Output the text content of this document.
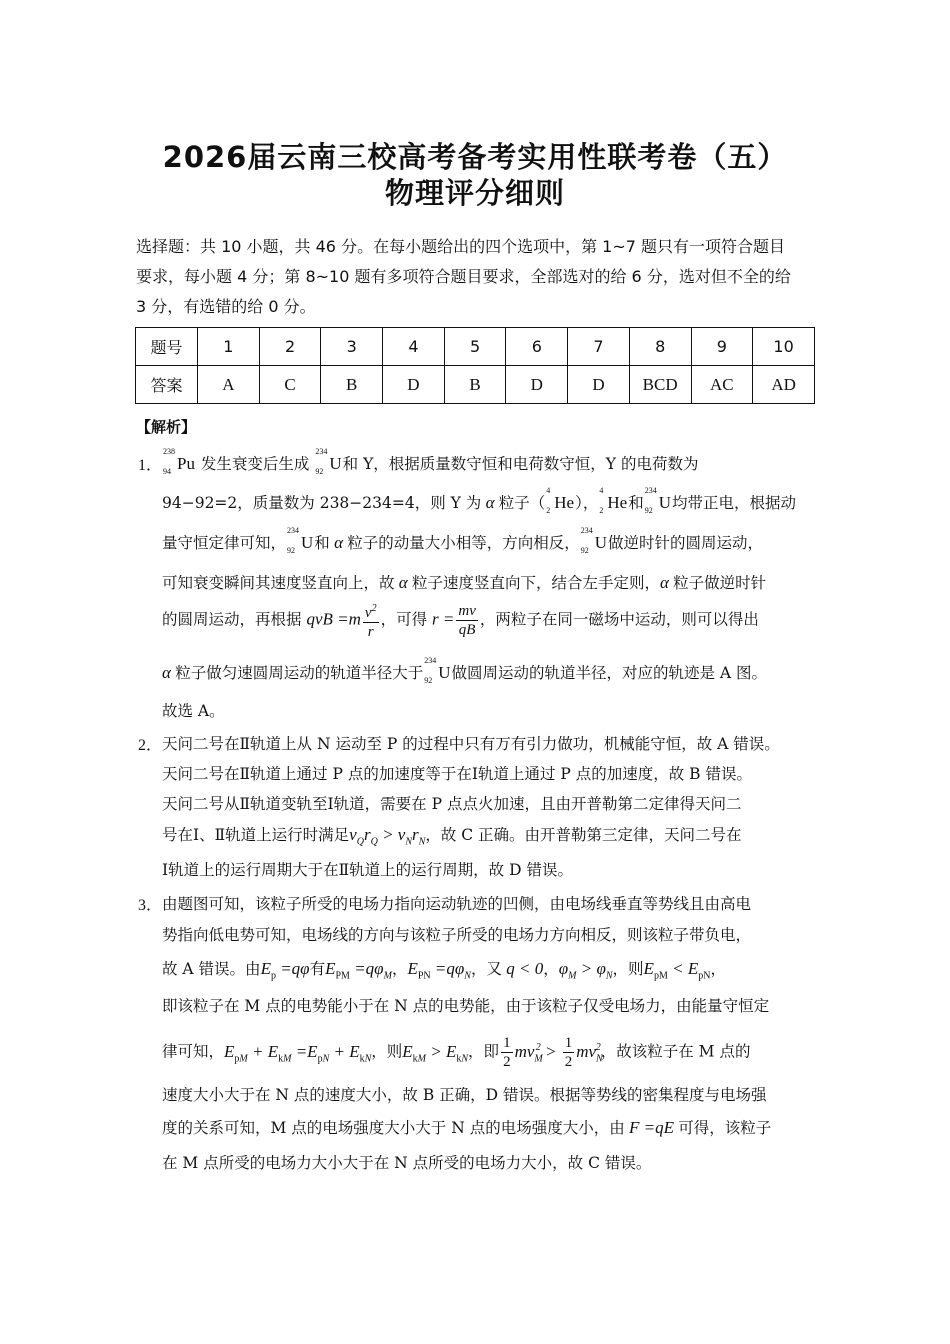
2026届云南三校高考备考实用性联考卷（五）
物理评分细则
选择题：共 10 小题，共 46 分。在每小题给出的四个选项中，第 1~7 题只有一项符合题目
要求，每小题 4 分；第 8~10 题有多项符合题目要求，全部选对的给 6 分，选对但不全的给
3 分，有选错的给 0 分。
题号	1	2	3	4	5	6	7	8	9	10
答案	A	C	B	D	B	D	D	BCD	AC	AD
【解析】
1．
238
94 Pu 发生衰变后生成
234
92 U和 Y，根据质量数守恒和电荷数守恒，Y 的电荷数为
94−92=2，质量数为 238−234=4，则 Y 为 α 粒子（
4
2 He），
4
2 He和
234
92 U均带正电，根据动
量守恒定律可知，
234
92 U和 α 粒子的动量大小相等，方向相反，
234
92 U做逆时针的圆周运动，
可知衰变瞬间其速度竖直向上，故 α 粒子速度竖直向下，结合左手定则，α 粒子做逆时针
的圆周运动，再根据 qvB $=m \frac{v^2}{r}$ ，可得 $r = \frac{mv}{qB}$ ，两粒子在同一磁场中运动，则可以得出
α 粒子做匀速圆周运动的轨道半径大于
234
92 U做圆周运动的轨道半径，对应的轨迹是 A 图。
故选 A。
2． 天问二号在Ⅱ轨道上从 N 运动至 P 的过程中只有万有引力做功，机械能守恒，故 A 错误。
天问二号在Ⅱ轨道上通过 P 点的加速度等于在Ⅰ轨道上通过 P 点的加速度，故 B 错误。
天问二号从Ⅱ轨道变轨至Ⅰ轨道，需要在 P 点点火加速，且由开普勒第二定律得天问二
号在Ⅰ、Ⅱ轨道上运行时满足$v_Qr_Q > v_Nr_N$，故 C 正确。由开普勒第三定律，天问二号在
Ⅰ轨道上的运行周期大于在Ⅱ轨道上的运行周期，故 D 错误。
3． 由题图可知，该粒子所受的电场力指向运动轨迹的凹侧，由电场线垂直等势线且由高电
势指向低电势可知，电场线的方向与该粒子所受的电场力方向相反，则该粒子带负电，
故 A 错误。由$E_p =q\varphi$有$E_{PM} =q\varphi_M$，$E_{PN} =q\varphi_N$，又 q < 0，$\varphi_M > \varphi_N$，则$E_{pM} < E_{pN}$，
即该粒子在 M 点的电势能小于在 N 点的电势能，由于该粒子仅受电场力，由能量守恒定
律可知，$E_{pM} + E_{kM} =E_{pN} + E_{kN}$，则$E_{kM} > E_{kN}$，即 $\frac{1}{2} mv_M^2 > \frac{1}{2} mv_N^2$，故该粒子在 M 点的
速度大小大于在 N 点的速度大小，故 B 正确，D 错误。根据等势线的密集程度与电场强
度的关系可知，M 点的电场强度大小大于 N 点的电场强度大小，由 F =qE 可得，该粒子
在 M 点所受的电场力大小大于在 N 点所受的电场力大小，故 C 错误。
